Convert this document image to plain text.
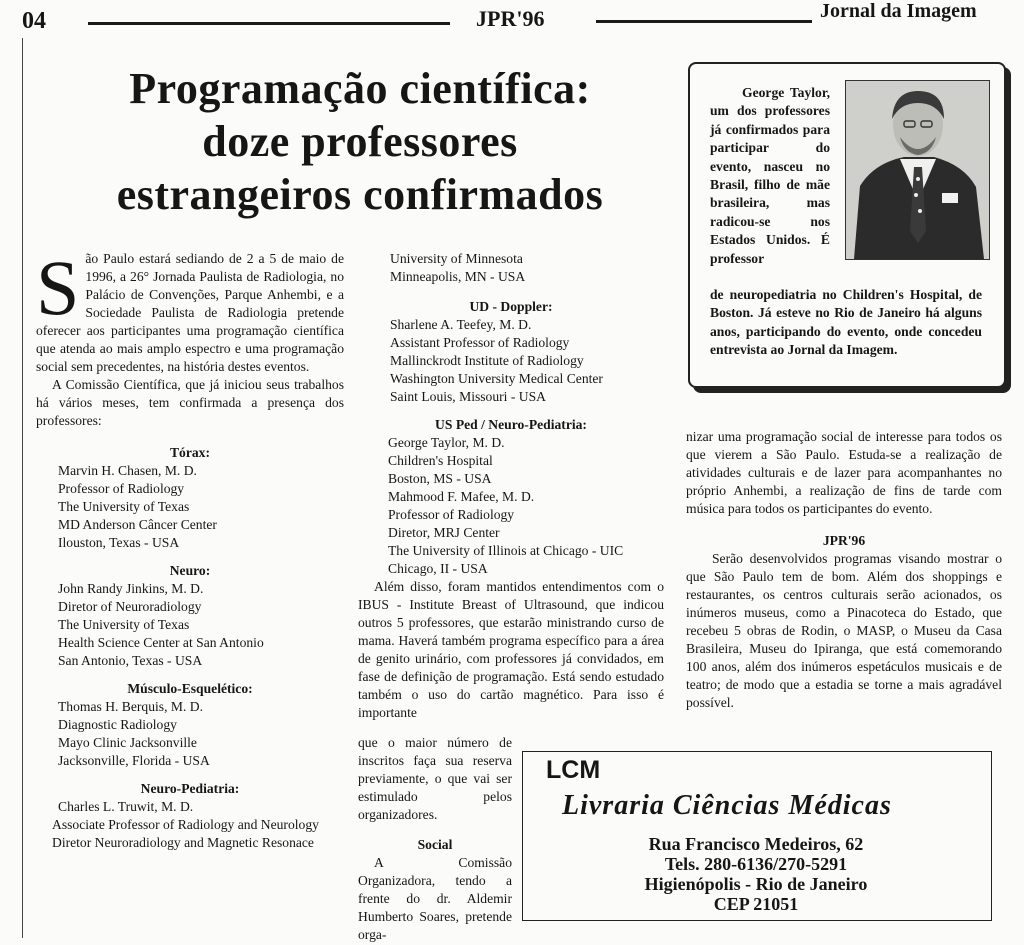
04	JPR'96	Jornal da Imagem
Programação científica:
doze professores
estrangeiros confirmados

S ão Paulo estará sediando de 2 a 5 de maio de 1996, a 26° Jornada Paulista de Radiologia, no Palácio de Convenções, Parque Anhembi, e a Sociedade Paulista de Radiologia pretende oferecer aos participantes uma programação científica que atenda ao mais amplo espectro e uma programação social sem precedentes, na história destes eventos.

A Comissão Científica, que já iniciou seus trabalhos há vários meses, tem confirmada a presença dos professores:

Tórax:
Marvin H. Chasen, M. D.
Professor of Radiology
The University of Texas
MD Anderson Câncer Center
Ilouston, Texas - USA
Neuro:
John Randy Jinkins, M. D.
Diretor of Neuroradiology
The University of Texas
Health Science Center at San Antonio
San Antonio, Texas - USA
Músculo-Esquelético:
Thomas H. Berquis, M. D.
Diagnostic Radiology
Mayo Clinic Jacksonville
Jacksonville, Florida - USA
Neuro-Pediatria:
Charles L. Truwit, M. D.

Associate Professor of Radiology and Neurology

Diretor Neuroradiology and Magnetic Resonace

University of Minnesota
Minneapolis, MN - USA
UD - Doppler:
Sharlene A. Teefey, M. D.
Assistant Professor of Radiology
Mallinckrodt Institute of Radiology
Washington University Medical Center
Saint Louis, Missouri - USA
US Ped / Neuro-Pediatria:
George Taylor, M. D.
Children's Hospital
Boston, MS - USA
Mahmood F. Mafee, M. D.
Professor of Radiology
Diretor, MRJ Center
The University of Illinois at Chicago - UIC
Chicago, II - USA

Além disso, foram mantidos entendimentos com o IBUS - Institute Breast of Ultrasound, que indicou outros 5 professores, que estarão ministrando curso de mama. Haverá também programa específico para a área de genito urinário, com professores já convidados, em fase de definição de programação. Está sendo estudado também o uso do cartão magnético. Para isso é importante

que o maior número de inscritos faça sua reserva previamente, o que vai ser estimulado pelos organizadores.

Social

A Comissão Organizadora, tendo a frente do dr. Aldemir Humberto Soares, pretende orga-

George Taylor, um dos professores já confirmados para participar do evento, nasceu no Brasil, filho de mãe brasileira, mas radicou-se nos Estados Unidos. É professor
de neuropediatria no Children's Hospital, de Boston. Já esteve no Rio de Janeiro há alguns anos, participando do evento, onde concedeu entrevista ao Jornal da Imagem.

nizar uma programação social de interesse para todos os que vierem a São Paulo. Estuda-se a realização de atividades culturais e de lazer para acompanhantes no próprio Anhembi, a realização de fins de tarde com música para todos os participantes do evento.

JPR'96

Serão desenvolvidos programas visando mostrar o que São Paulo tem de bom. Além dos shoppings e restaurantes, os centros culturais serão acionados, os inúmeros museus, como a Pinacoteca do Estado, que recebeu 5 obras de Rodin, o MASP, o Museu da Casa Brasileira, Museu do Ipiranga, que está comemorando 100 anos, além dos inúmeros espetáculos musicais e de teatro; de modo que a estadia se torne a mais agradável possível.

LCM
Livraria Ciências Médicas
Rua Francisco Medeiros, 62
Tels. 280-6136/270-5291
Higienópolis - Rio de Janeiro
CEP 21051
